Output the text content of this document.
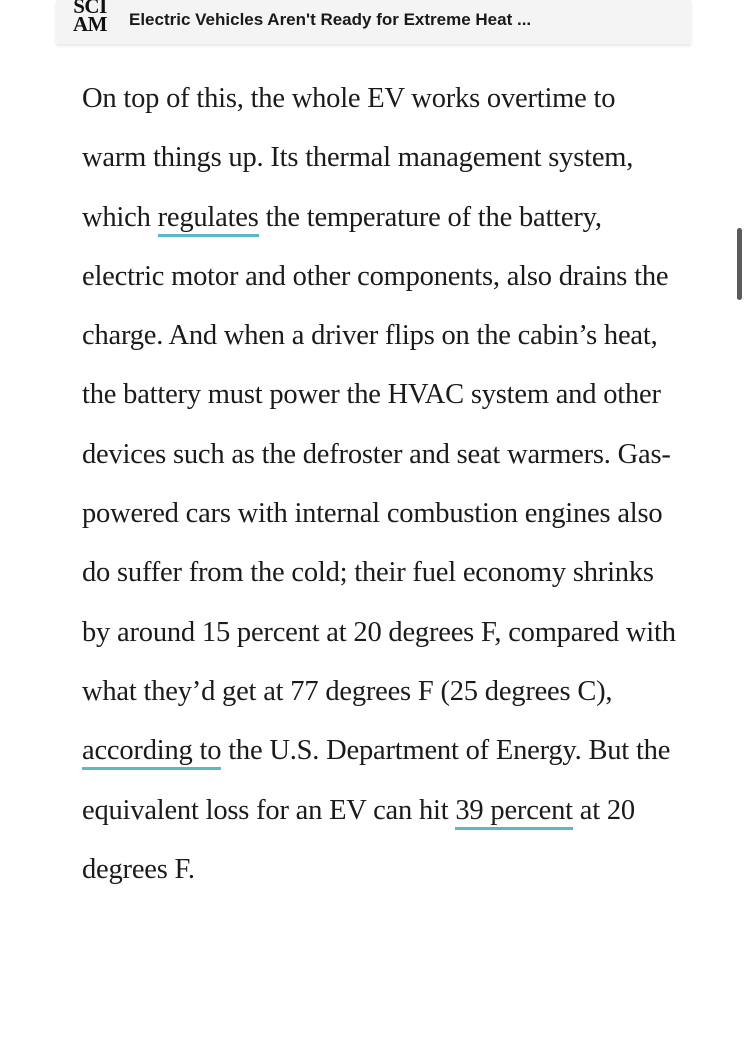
SCI
AM Electric Vehicles Aren't Ready for Extreme Heat ...

On top of this, the whole EV works overtime to warm things up. Its thermal management system, which regulates the temperature of the battery, electric motor and other components, also drains the charge. And when a driver flips on the cabin’s heat, the battery must power the HVAC system and other devices such as the defroster and seat warmers. Gas-powered cars with internal combustion engines also do suffer from the cold; their fuel economy shrinks by around 15 percent at 20 degrees F, compared with what they’d get at 77 degrees F (25 degrees C), according to the U.S. Department of Energy. But the equivalent loss for an EV can hit 39 percent at 20 degrees F.
